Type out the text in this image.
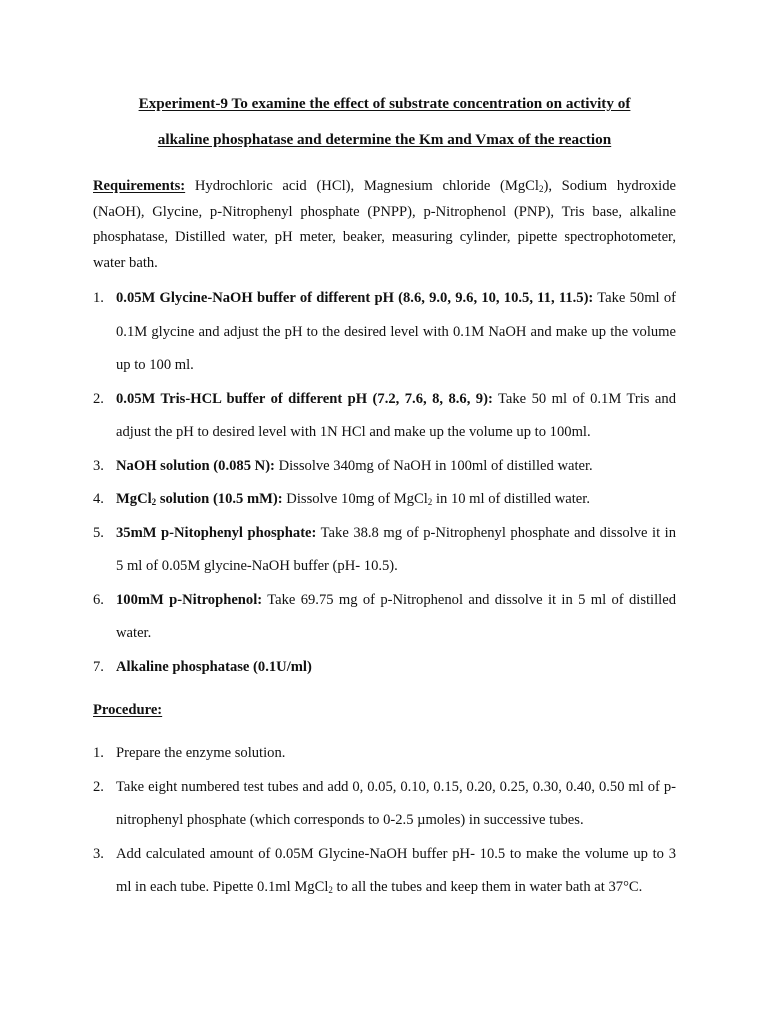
Experiment-9 To examine the effect of substrate concentration on activity of
alkaline phosphatase and determine the Km and Vmax of the reaction

Requirements: Hydrochloric acid (HCl), Magnesium chloride (MgCl$_2$), Sodium hydroxide (NaOH), Glycine, p-Nitrophenyl phosphate (PNPP), p-Nitrophenol (PNP), Tris base, alkaline phosphatase, Distilled water, pH meter, beaker, measuring cylinder, pipette spectrophotometer, water bath.

1. 0.05M Glycine-NaOH buffer of different pH (8.6, 9.0, 9.6, 10, 10.5, 11, 11.5): Take 50ml of 0.1M glycine and adjust the pH to the desired level with 0.1M NaOH and make up the volume up to 100 ml.
2. 0.05M Tris-HCL buffer of different pH (7.2, 7.6, 8, 8.6, 9): Take 50 ml of 0.1M Tris and adjust the pH to desired level with 1N HCl and make up the volume up to 100ml.
3. NaOH solution (0.085 N): Dissolve 340mg of NaOH in 100ml of distilled water.
4. MgCl$_2$ solution (10.5 mM): Dissolve 10mg of MgCl$_2$ in 10 ml of distilled water.
5. 35mM p-Nitophenyl phosphate: Take 38.8 mg of p-Nitrophenyl phosphate and dissolve it in 5 ml of 0.05M glycine-NaOH buffer (pH- 10.5).
6. 100mM p-Nitrophenol: Take 69.75 mg of p-Nitrophenol and dissolve it in 5 ml of distilled water.
7. Alkaline phosphatase (0.1U/ml)
Procedure:
1. Prepare the enzyme solution.
2. Take eight numbered test tubes and add 0, 0.05, 0.10, 0.15, 0.20, 0.25, 0.30, 0.40, 0.50 ml of p-nitrophenyl phosphate (which corresponds to 0-2.5 µmoles) in successive tubes.
3. Add calculated amount of 0.05M Glycine-NaOH buffer pH- 10.5 to make the volume up to 3 ml in each tube. Pipette 0.1ml MgCl$_2$ to all the tubes and keep them in water bath at 37°C.
